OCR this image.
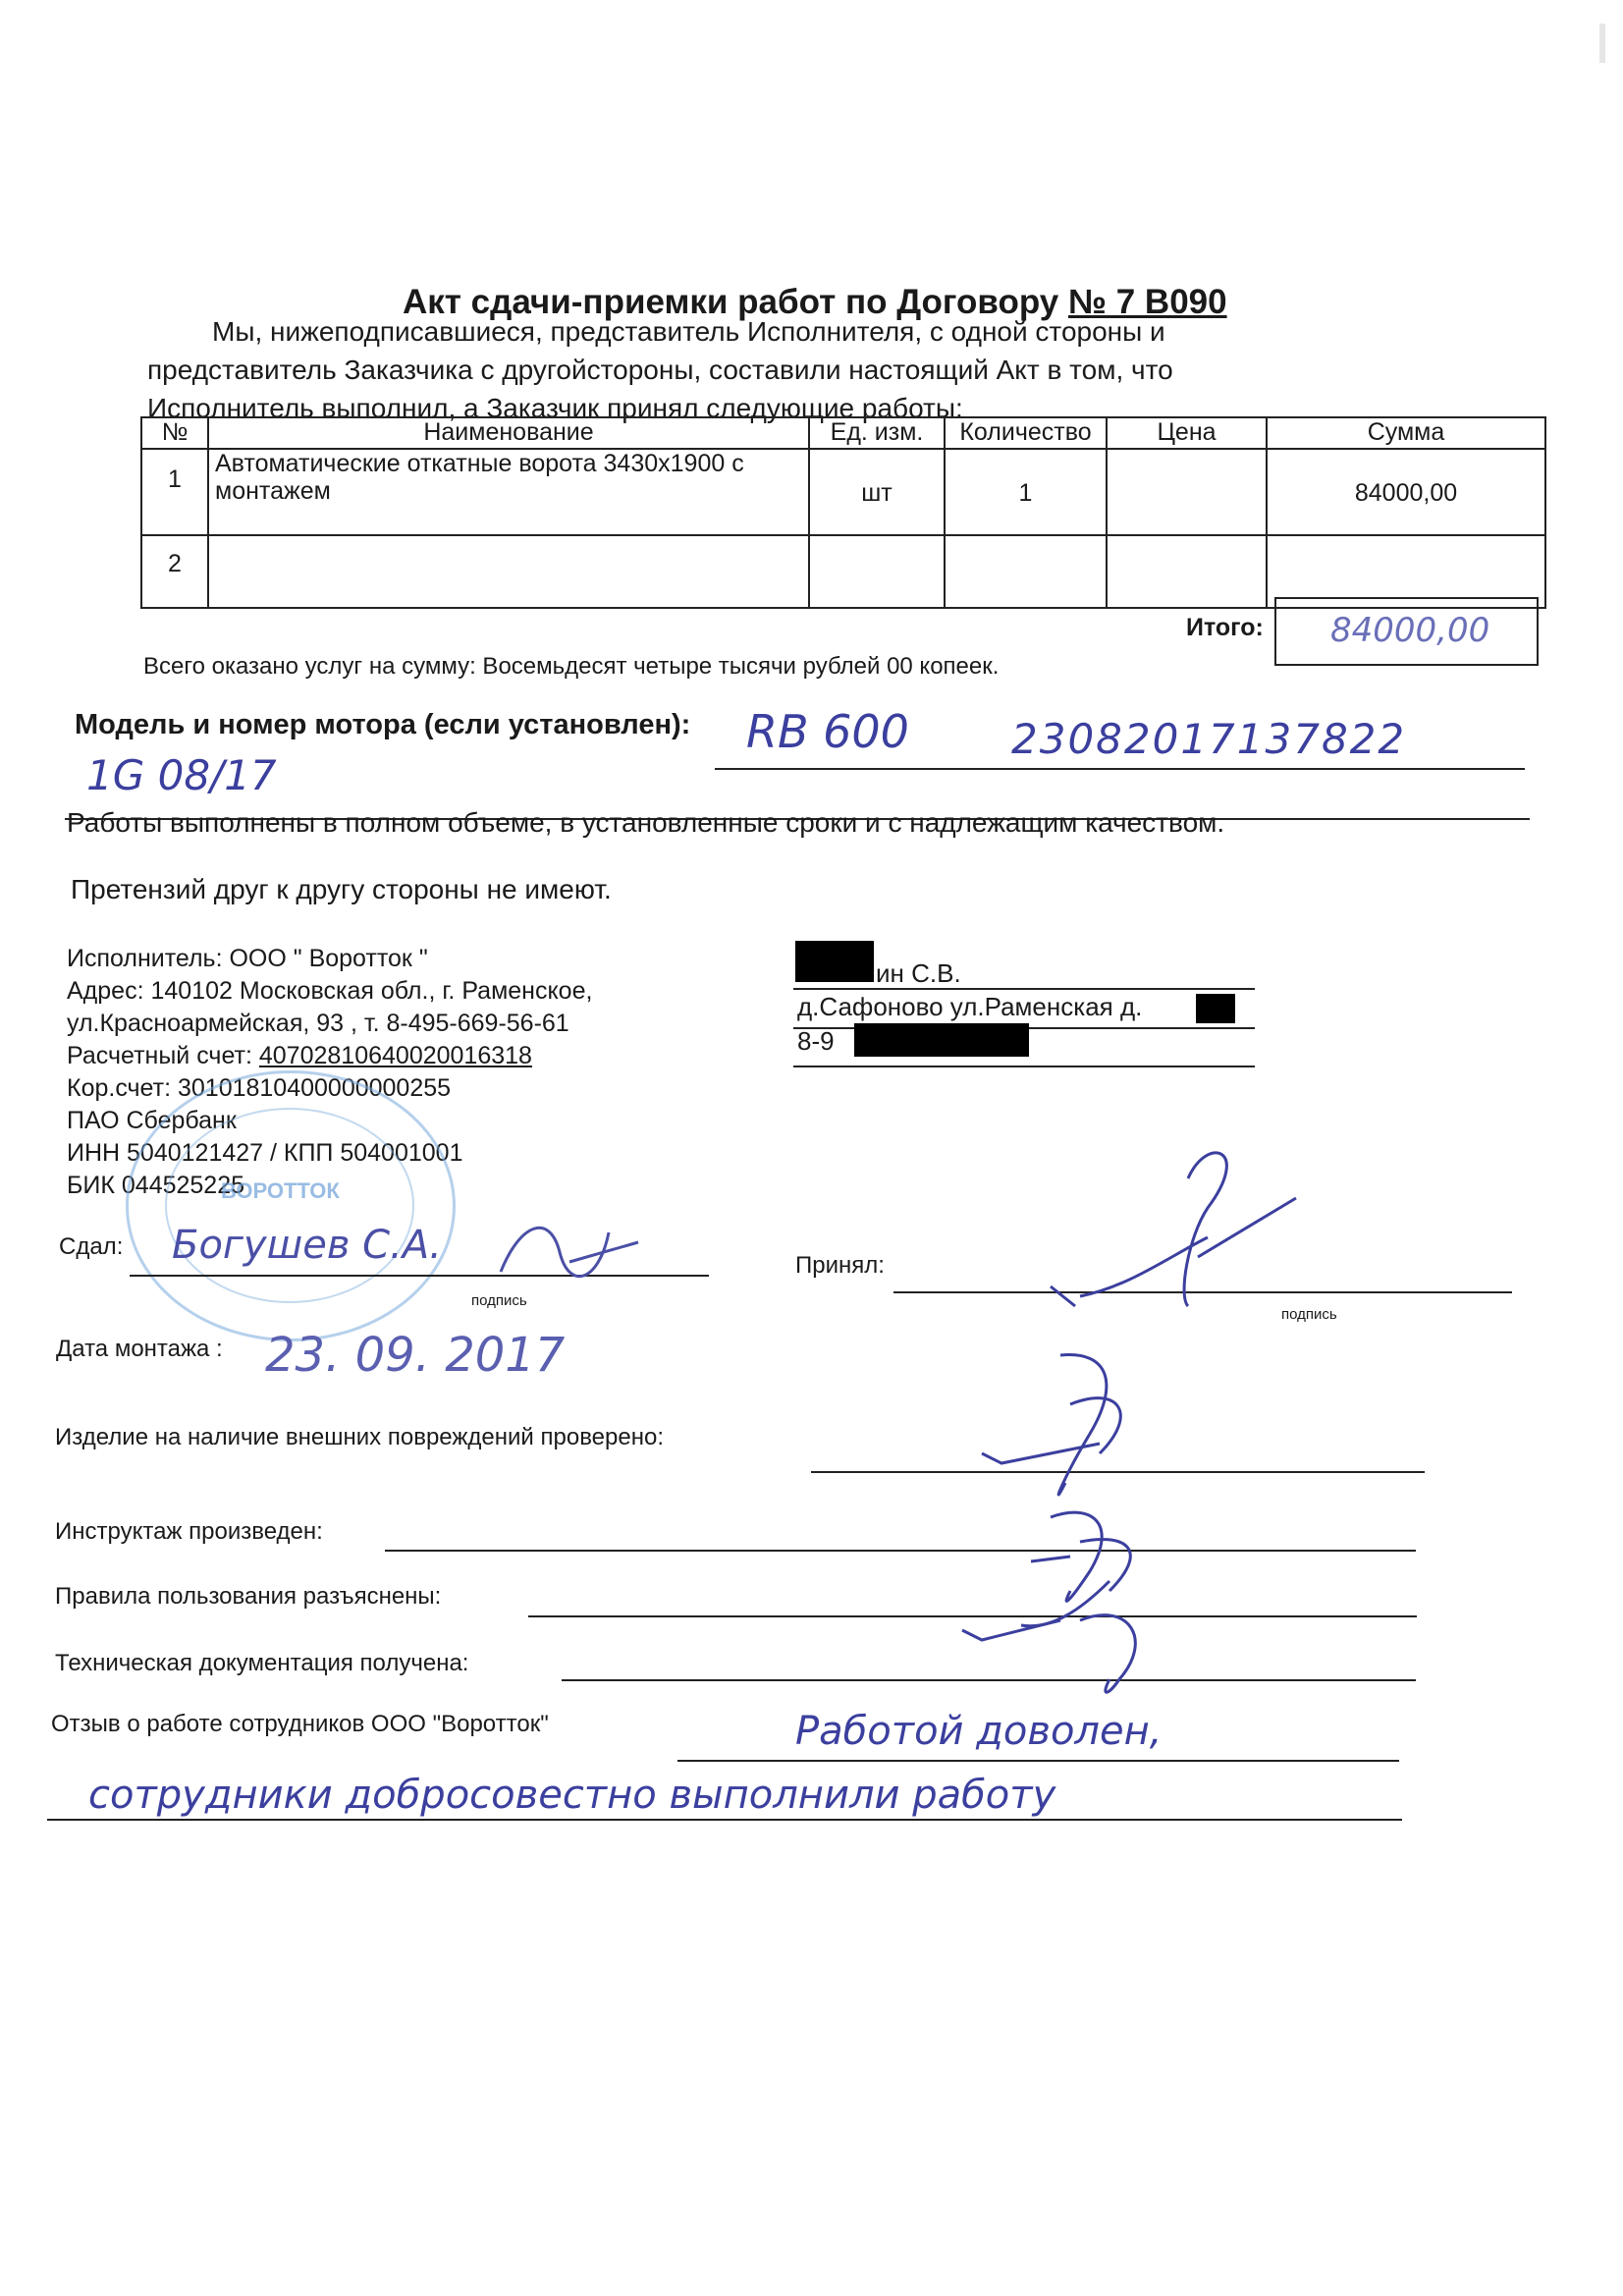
Акт сдачи-приемки работ по Договору № 7 В090
Мы, нижеподписавшиеся, представитель Исполнителя, с одной стороны и
представитель Заказчика с другойстороны, составили настоящий Акт в том, что
Исполнитель выполнил, а Заказчик принял следующие работы:
№	Наименование	Ед. изм.	Количество	Цена	Сумма
1	Автоматические откатные ворота 3430х1900 с монтажем	шт	1		84000,00
2					
Итого: 84000,00
Всего оказано услуг на сумму: Восемьдесят четыре тысячи рублей 00 копеек.
Модель и номер мотора (если установлен): RB 600 23082017137822
1G 08/17
Работы выполнены в полном объеме, в установленные сроки и с надлежащим качеством.
Претензий друг к другу стороны не имеют.
Исполнитель: ООО " Воротток "
Адрес: 140102 Московская обл., г. Раменское,
ул.Красноармейская, 93 , т. 8-495-669-56-61
Расчетный счет: 40702810640020016318
Кор.счет: 30101810400000000255
ПАО Сбербанк
ИНН 5040121427 / КПП 504001001
БИК 044525225
ин С.В.
д.Сафоново ул.Раменская д.
8-9
ВОРОТТОК
Сдал: Богушев С.А.
подпись
Принял:
подпись
Дата монтажа : 23. 09. 2017
Изделие на наличие внешних повреждений проверено:
Инструктаж произведен:
Правила пользования разъяснены:
Техническая документация получена:
Отзыв о работе сотрудников ООО "Воротток"	Работой доволен,
сотрудники добросовестно выполнили работу
